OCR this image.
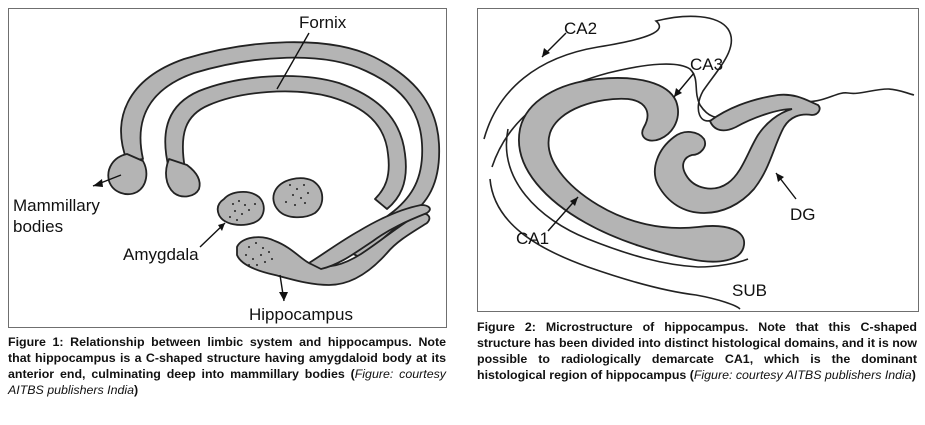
Fornix
Mammillary
bodies
Amygdala
Hippocampus
Figure 1: Relationship between limbic system and hippocampus. Note that hippocampus is a C-shaped structure having amygdaloid body at its anterior end, culminating deep into mammillary bodies (Figure: courtesy AITBS publishers India)
CA2
CA3
CA1
DG
SUB
Figure 2: Microstructure of hippocampus. Note that this C-shaped structure has been divided into distinct histological domains, and it is now possible to radiologically demarcate CA1, which is the dominant histological region of hippocampus (Figure: courtesy AITBS publishers India)
